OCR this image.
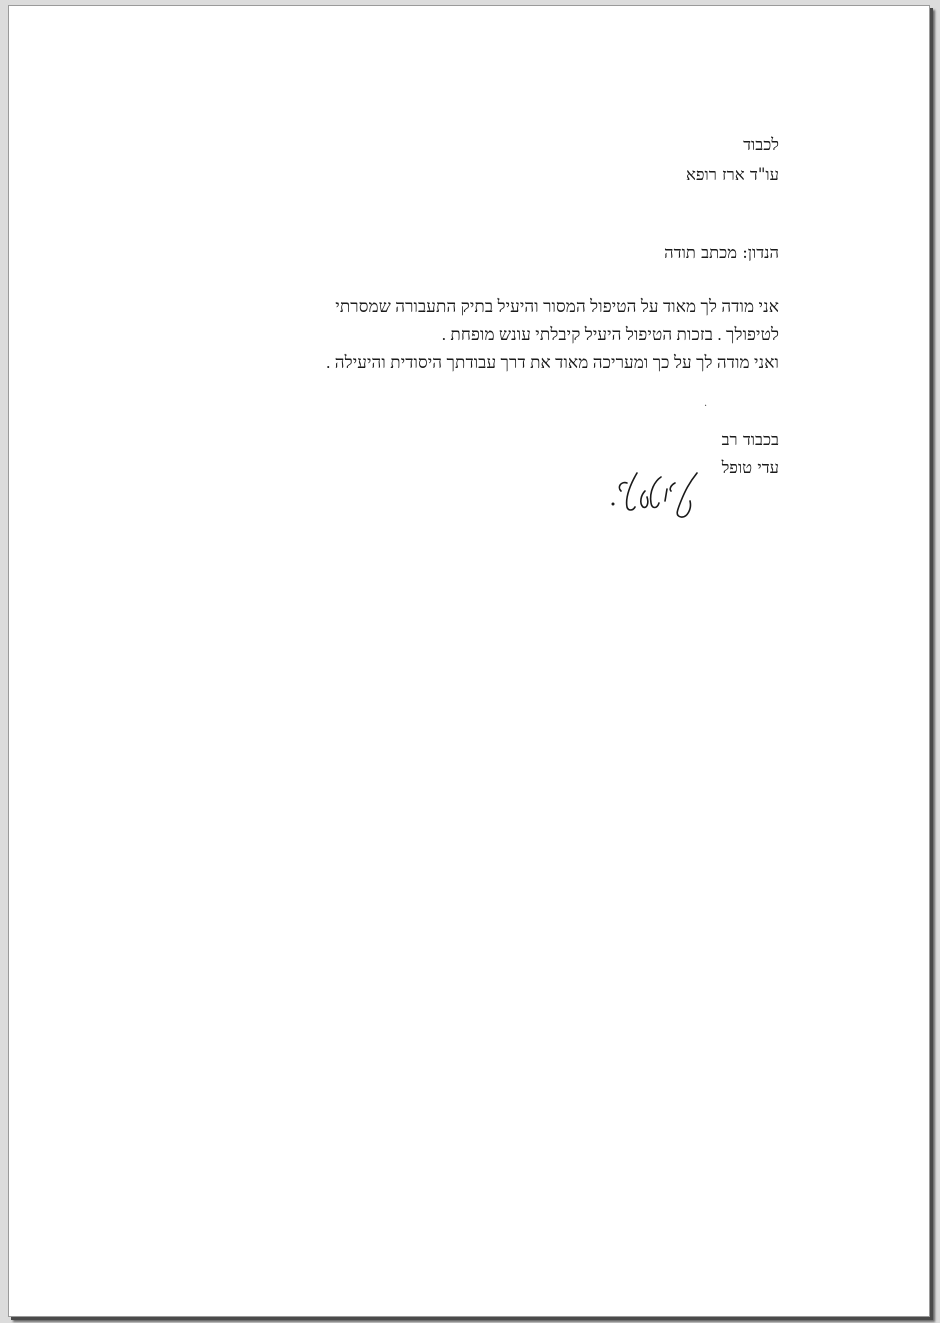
לכבוד
עו"ד ארז רופא
הנדון: מכתב תודה
אני מודה לך מאוד על הטיפול המסור והיעיל בתיק התעבורה שמסרתי
לטיפולך . בזכות הטיפול היעיל קיבלתי עונש מופחת .
ואני מודה לך על כך ומעריכה מאוד את דרך עבודתך היסודית והיעילה .
·
בכבוד רב
עדי טופל
